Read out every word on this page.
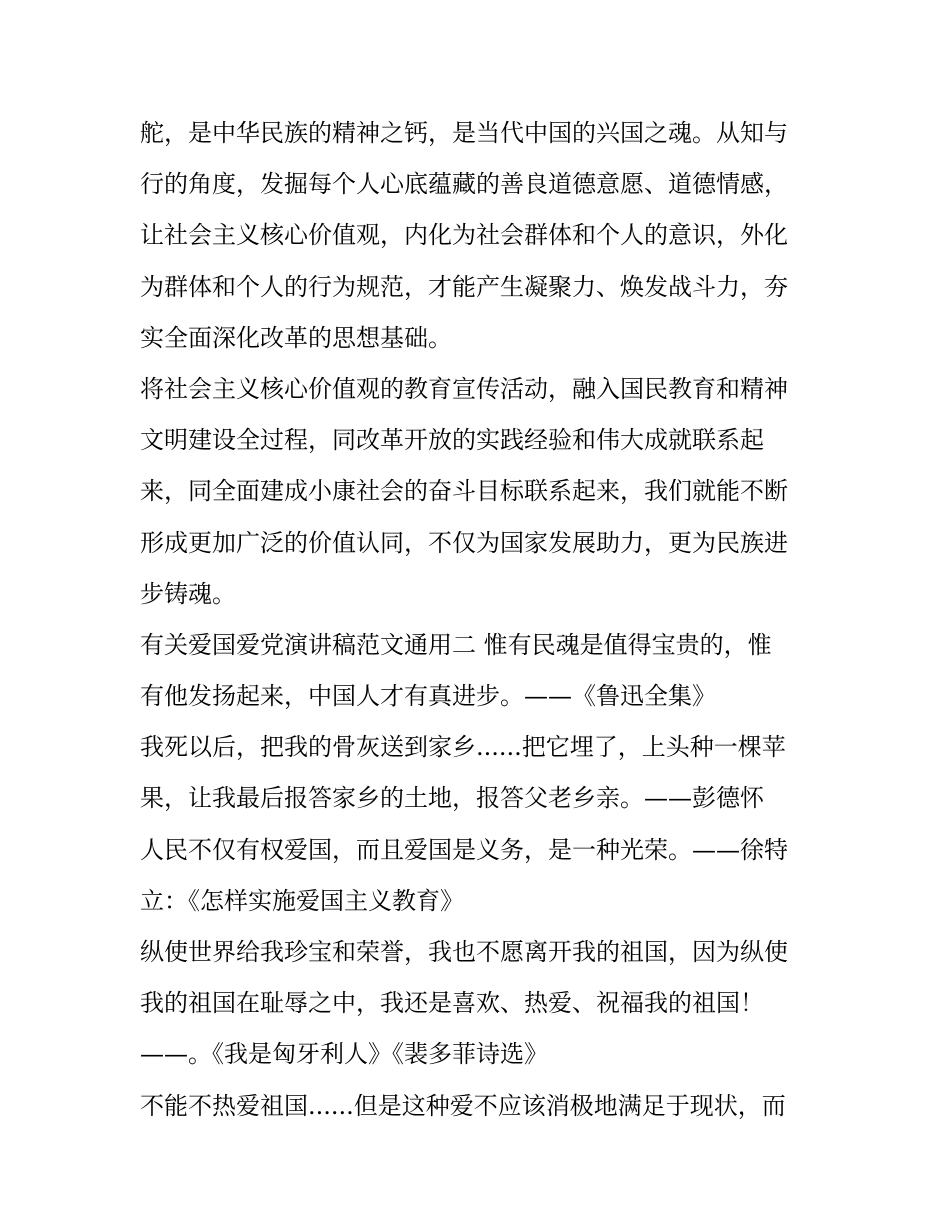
舵，是中华民族的精神之钙，是当代中国的兴国之魂。从知与
行的角度，发掘每个人心底蕴藏的善良道德意愿、道德情感，
让社会主义核心价值观，内化为社会群体和个人的意识，外化
为群体和个人的行为规范，才能产生凝聚力、焕发战斗力，夯
实全面深化改革的思想基础。
将社会主义核心价值观的教育宣传活动，融入国民教育和精神
文明建设全过程，同改革开放的实践经验和伟大成就联系起
来，同全面建成小康社会的奋斗目标联系起来，我们就能不断
形成更加广泛的价值认同，不仅为国家发展助力，更为民族进
步铸魂。
有关爱国爱党演讲稿范文通用二 惟有民魂是值得宝贵的，惟
有他发扬起来，中国人才有真进步。——《鲁迅全集》
我死以后，把我的骨灰送到家乡......把它埋了，上头种一棵苹
果，让我最后报答家乡的土地，报答父老乡亲。——彭德怀
人民不仅有权爱国，而且爱国是义务，是一种光荣。——徐特
立：《怎样实施爱国主义教育》
纵使世界给我珍宝和荣誉，我也不愿离开我的祖国，因为纵使
我的祖国在耻辱之中，我还是喜欢、热爱、祝福我的祖国！
——。《我是匈牙利人》《裴多菲诗选》
不能不热爱祖国......但是这种爱不应该消极地满足于现状，而
